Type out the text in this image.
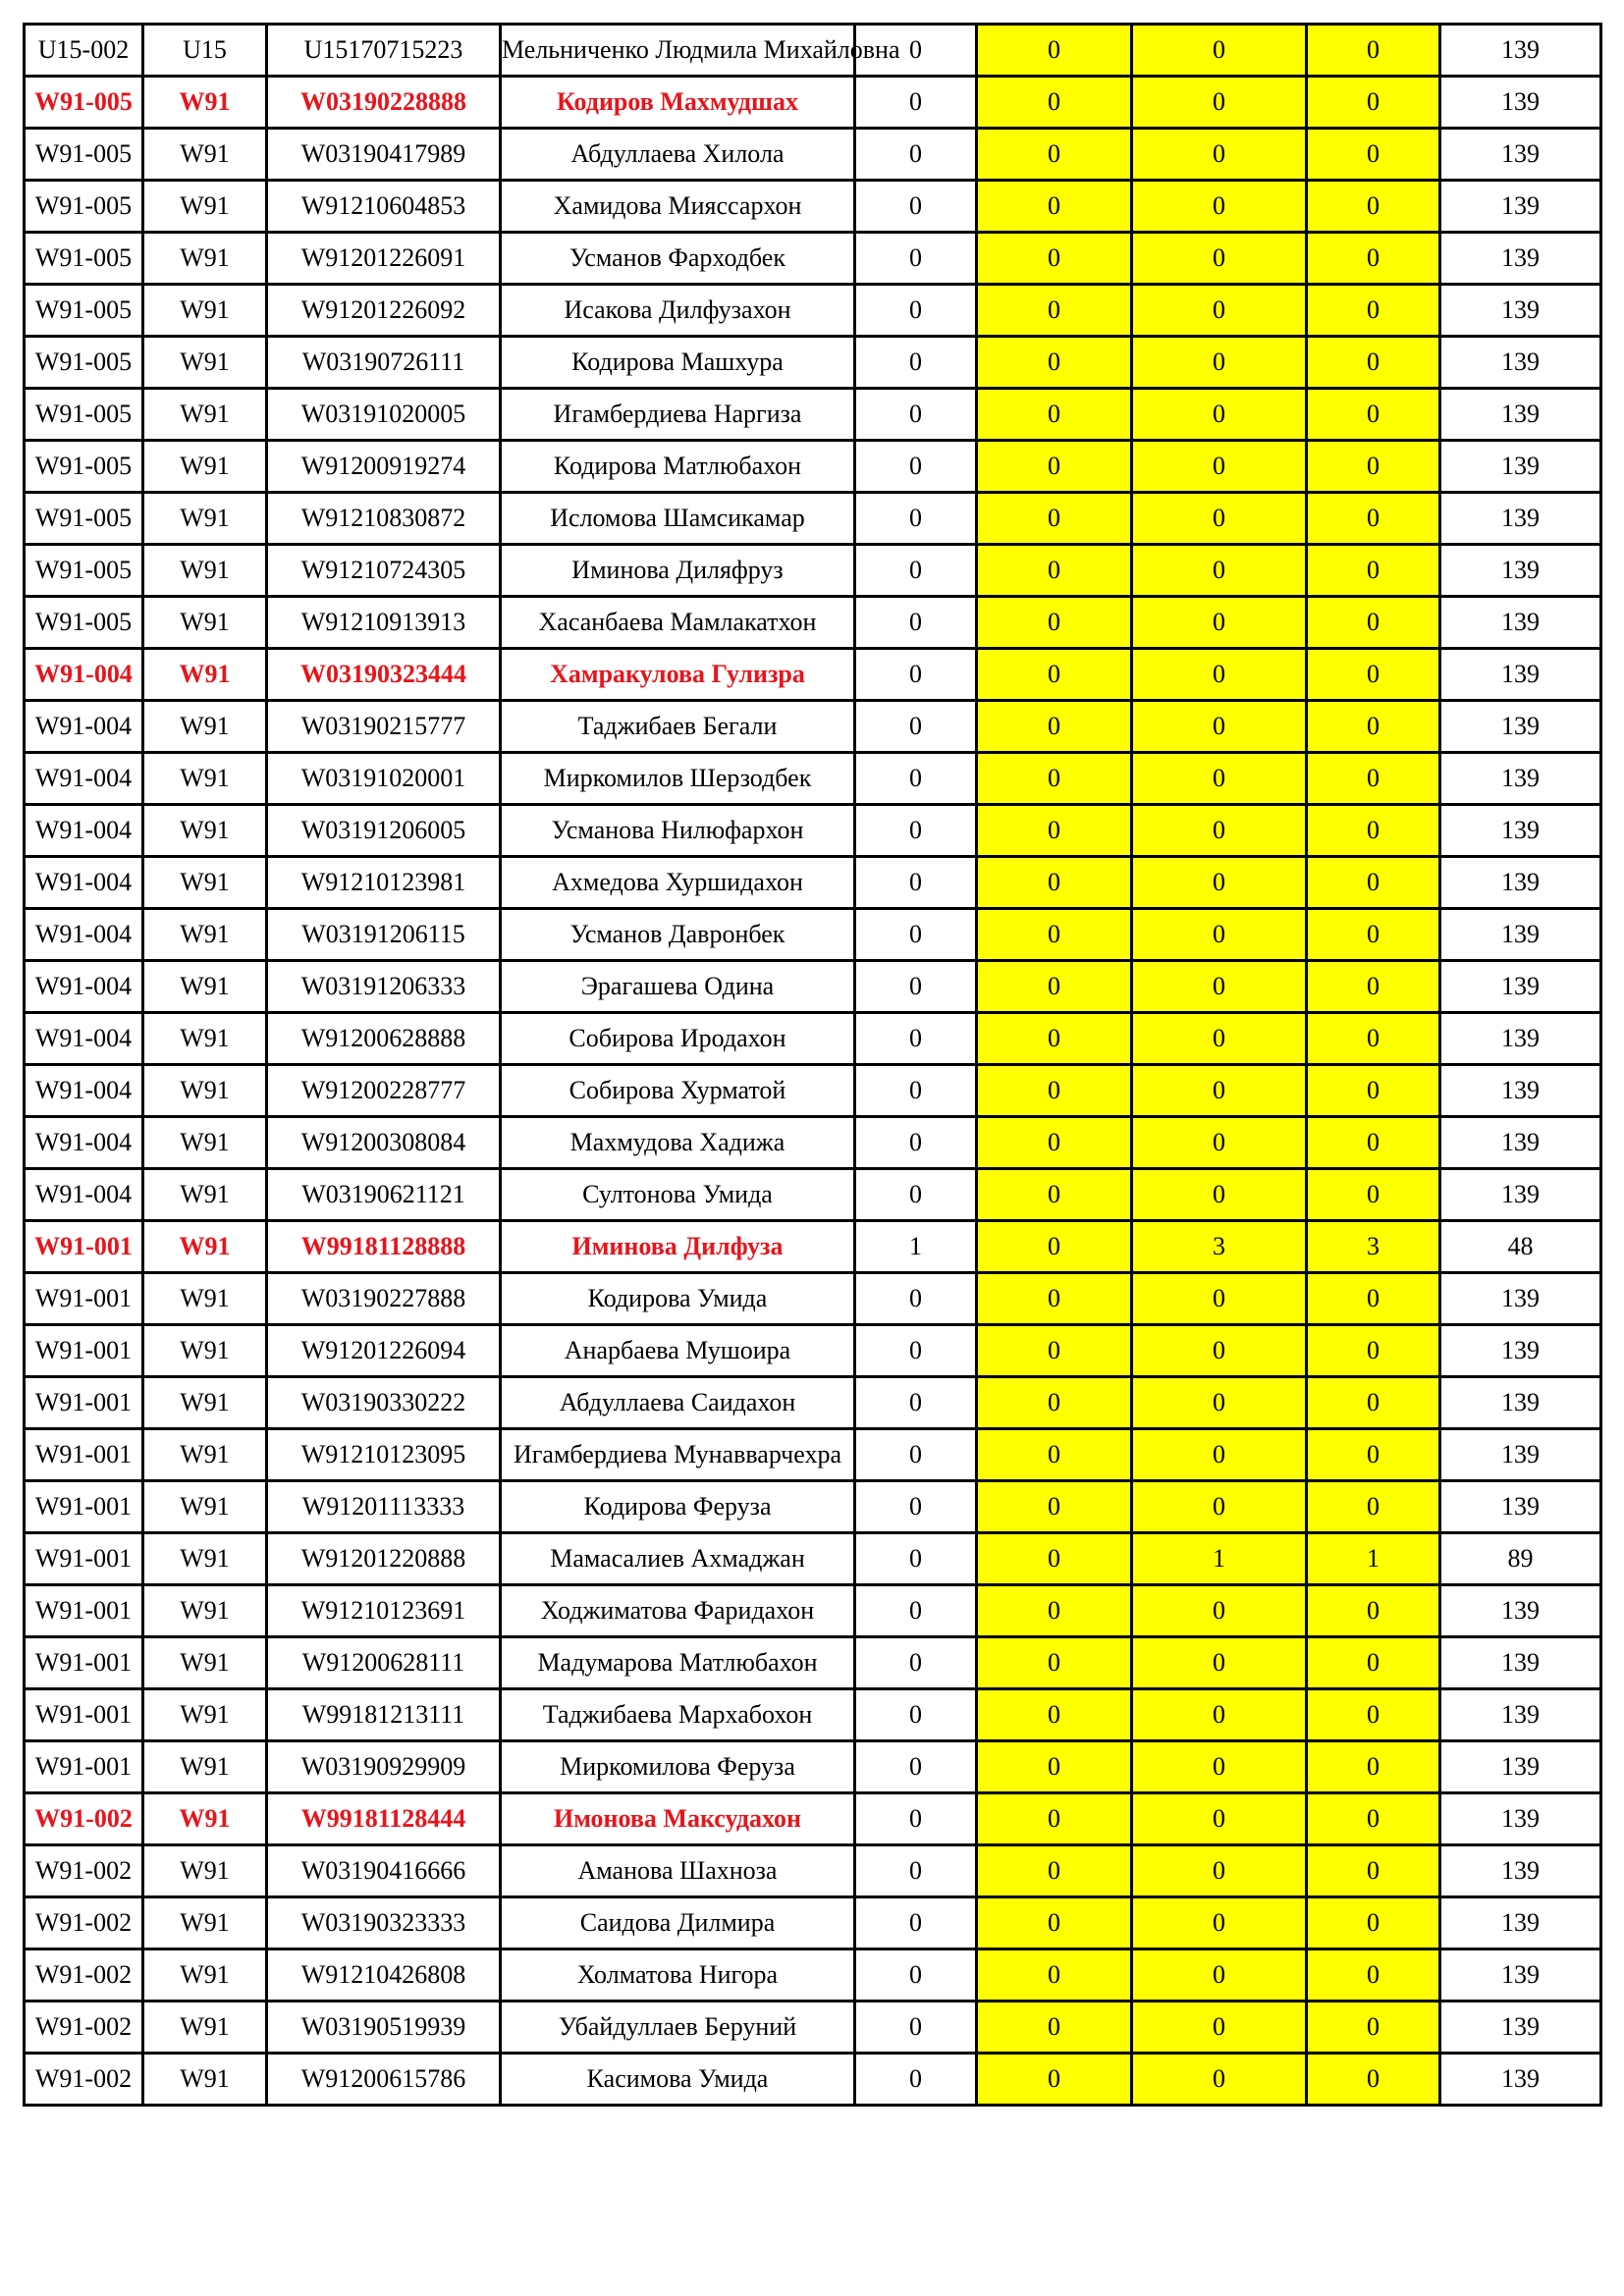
U15-002	U15	U15170715223	Мельниченко Людмила Михайловна	0	0	0	0	139
W91-005	W91	W03190228888	Кодиров Махмудшах	0	0	0	0	139
W91-005	W91	W03190417989	Абдуллаева Хилола	0	0	0	0	139
W91-005	W91	W91210604853	Хамидова Мияссархон	0	0	0	0	139
W91-005	W91	W91201226091	Усманов Фарходбек	0	0	0	0	139
W91-005	W91	W91201226092	Исакова Дилфузахон	0	0	0	0	139
W91-005	W91	W03190726111	Кодирова Машхура	0	0	0	0	139
W91-005	W91	W03191020005	Игамбердиева Наргиза	0	0	0	0	139
W91-005	W91	W91200919274	Кодирова Матлюбахон	0	0	0	0	139
W91-005	W91	W91210830872	Исломова Шамсикамар	0	0	0	0	139
W91-005	W91	W91210724305	Иминова Диляфруз	0	0	0	0	139
W91-005	W91	W91210913913	Хасанбаева Мамлакатхон	0	0	0	0	139
W91-004	W91	W03190323444	Хамракулова Гулизра	0	0	0	0	139
W91-004	W91	W03190215777	Таджибаев Бегали	0	0	0	0	139
W91-004	W91	W03191020001	Миркомилов Шерзодбек	0	0	0	0	139
W91-004	W91	W03191206005	Усманова Нилюфархон	0	0	0	0	139
W91-004	W91	W91210123981	Ахмедова Хуршидахон	0	0	0	0	139
W91-004	W91	W03191206115	Усманов Давронбек	0	0	0	0	139
W91-004	W91	W03191206333	Эрагашева Одина	0	0	0	0	139
W91-004	W91	W91200628888	Собирова Иродахон	0	0	0	0	139
W91-004	W91	W91200228777	Собирова Хурматой	0	0	0	0	139
W91-004	W91	W91200308084	Махмудова Хадижа	0	0	0	0	139
W91-004	W91	W03190621121	Султонова Умида	0	0	0	0	139
W91-001	W91	W99181128888	Иминова Дилфуза	1	0	3	3	48
W91-001	W91	W03190227888	Кодирова Умида	0	0	0	0	139
W91-001	W91	W91201226094	Анарбаева Мушоира	0	0	0	0	139
W91-001	W91	W03190330222	Абдуллаева Саидахон	0	0	0	0	139
W91-001	W91	W91210123095	Игамбердиева Мунавварчехра	0	0	0	0	139
W91-001	W91	W91201113333	Кодирова Феруза	0	0	0	0	139
W91-001	W91	W91201220888	Мамасалиев Ахмаджан	0	0	1	1	89
W91-001	W91	W91210123691	Ходжиматова Фаридахон	0	0	0	0	139
W91-001	W91	W91200628111	Мадумарова Матлюбахон	0	0	0	0	139
W91-001	W91	W99181213111	Таджибаева Мархабохон	0	0	0	0	139
W91-001	W91	W03190929909	Миркомилова Феруза	0	0	0	0	139
W91-002	W91	W99181128444	Имонова Максудахон	0	0	0	0	139
W91-002	W91	W03190416666	Аманова Шахноза	0	0	0	0	139
W91-002	W91	W03190323333	Саидова Дилмира	0	0	0	0	139
W91-002	W91	W91210426808	Холматова Нигора	0	0	0	0	139
W91-002	W91	W03190519939	Убайдуллаев Беруний	0	0	0	0	139
W91-002	W91	W91200615786	Касимова Умида	0	0	0	0	139
